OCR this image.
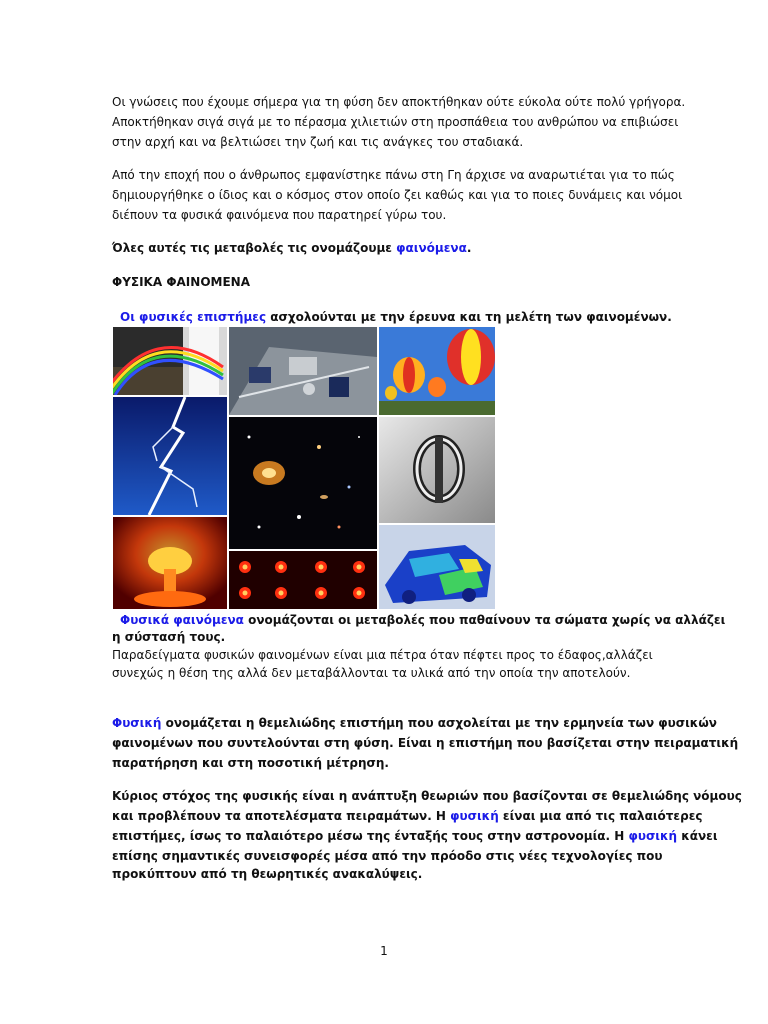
Οι γνώσεις που έχουμε σήμερα για τη φύση δεν αποκτήθηκαν ούτε εύκολα ούτε πολύ γρήγορα.
Αποκτήθηκαν σιγά σιγά με το πέρασμα χιλιετιών στη προσπάθεια του ανθρώπου να επιβιώσει
στην αρχή και να βελτιώσει την ζωή και τις ανάγκες του σταδιακά.
Από την εποχή που ο άνθρωπος εμφανίστηκε πάνω στη Γη άρχισε να αναρωτιέται για το πώς
δημιουργήθηκε ο ίδιος και ο κόσμος στον οποίο ζει καθώς και για το ποιες δυνάμεις και νόμοι
διέπουν τα φυσικά φαινόμενα που παρατηρεί γύρω του.
Όλες αυτές τις μεταβολές τις ονομάζουμε φαινόμενα.
ΦΥΣΙΚΑ ΦΑΙΝΟΜΕΝΑ
Οι φυσικές επιστήμες ασχολούνται με την έρευνα και τη μελέτη των φαινομένων.
Φυσικά φαινόμενα ονομάζονται οι μεταβολές που παθαίνουν τα σώματα χωρίς να αλλάζει
η σύστασή τους.
Παραδείγματα φυσικών φαινομένων είναι μια πέτρα όταν πέφτει προς το έδαφος,αλλάζει
συνεχώς η θέση της αλλά δεν μεταβάλλονται τα υλικά από την οποία την αποτελούν.
Φυσική ονομάζεται η θεμελιώδης επιστήμη που ασχολείται με την ερμηνεία των φυσικών
φαινομένων που συντελούνται στη φύση. Είναι η επιστήμη που βασίζεται στην πειραματική
παρατήρηση και στη ποσοτική μέτρηση.
Κύριος στόχος της φυσικής είναι η ανάπτυξη θεωριών που βασίζονται σε θεμελιώδης νόμους
και προβλέπουν τα αποτελέσματα πειραμάτων. Η φυσική είναι μια από τις παλαιότερες
επιστήμες, ίσως το παλαιότερο μέσω της ένταξής τους στην αστρονομία. Η φυσική κάνει
επίσης σημαντικές συνεισφορές μέσα από την πρόοδο στις νέες τεχνολογίες που
προκύπτουν από τη θεωρητικές ανακαλύψεις.
1
